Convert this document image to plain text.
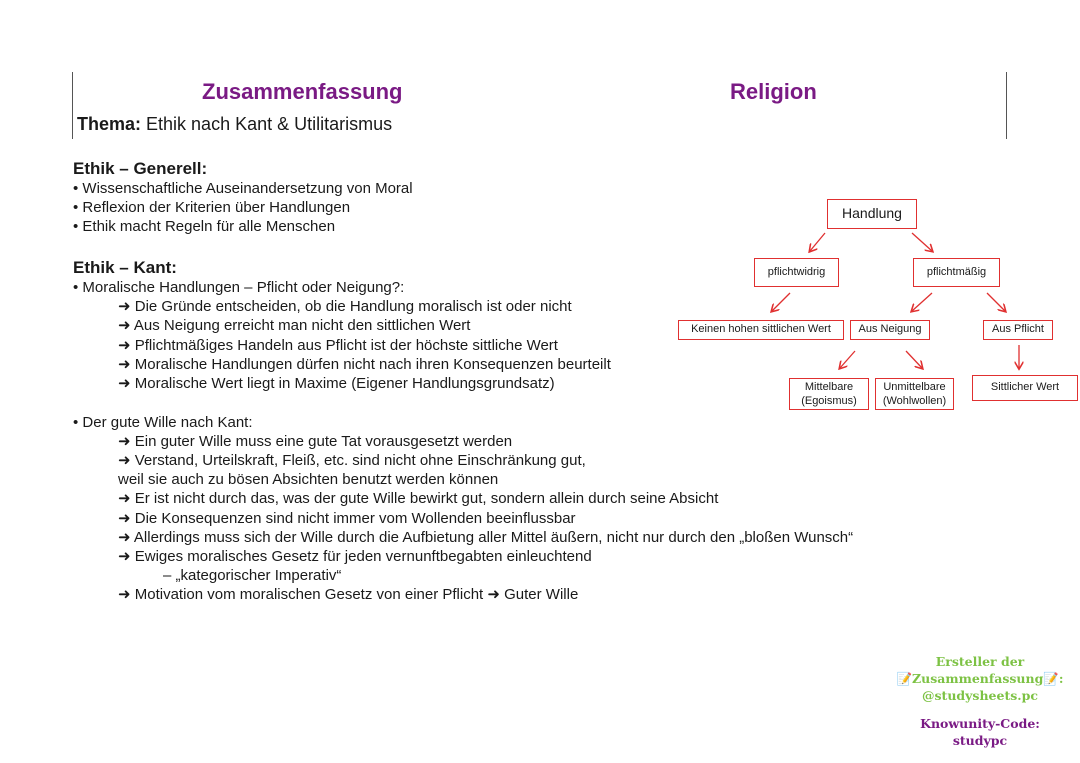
Zusammenfassung	Religion
Thema: Ethik nach Kant & Utilitarismus
Ethik – Generell:
• Wissenschaftliche Auseinandersetzung von Moral
• Reflexion der Kriterien über Handlungen
• Ethik macht Regeln für alle Menschen
Ethik – Kant:
• Moralische Handlungen – Pflicht oder Neigung?:
➜ Die Gründe entscheiden, ob die Handlung moralisch ist oder nicht
➜ Aus Neigung erreicht man nicht den sittlichen Wert
➜ Pflichtmäßiges Handeln aus Pflicht ist der höchste sittliche Wert
➜ Moralische Handlungen dürfen nicht nach ihren Konsequenzen beurteilt
➜ Moralische Wert liegt in Maxime (Eigener Handlungsgrundsatz)
• Der gute Wille nach Kant:
➜ Ein guter Wille muss eine gute Tat vorausgesetzt werden
➜ Verstand, Urteilskraft, Fleiß, etc. sind nicht ohne Einschränkung gut,
weil sie auch zu bösen Absichten benutzt werden können
➜ Er ist nicht durch das, was der gute Wille bewirkt gut, sondern allein durch seine Absicht
➜ Die Konsequenzen sind nicht immer vom Wollenden beeinflussbar
➜ Allerdings muss sich der Wille durch die Aufbietung aller Mittel äußern, nicht nur durch den „bloßen Wunsch“
➜ Ewiges moralisches Gesetz für jeden vernunftbegabten einleuchtend
– „kategorischer Imperativ“
➜ Motivation vom moralischen Gesetz von einer Pflicht ➜ Guter Wille
Handlung
pflichtwidrig	pflichtmäßig
Keinen hohen sittlichen Wert	Aus Neigung	Aus Pflicht
Mittelbare
(Egoismus)
Unmittelbare
(Wohlwollen)
Sittlicher Wert
Ersteller der
📝Zusammenfassung📝:
@studysheets.pc
Knowunity-Code:
studypc
